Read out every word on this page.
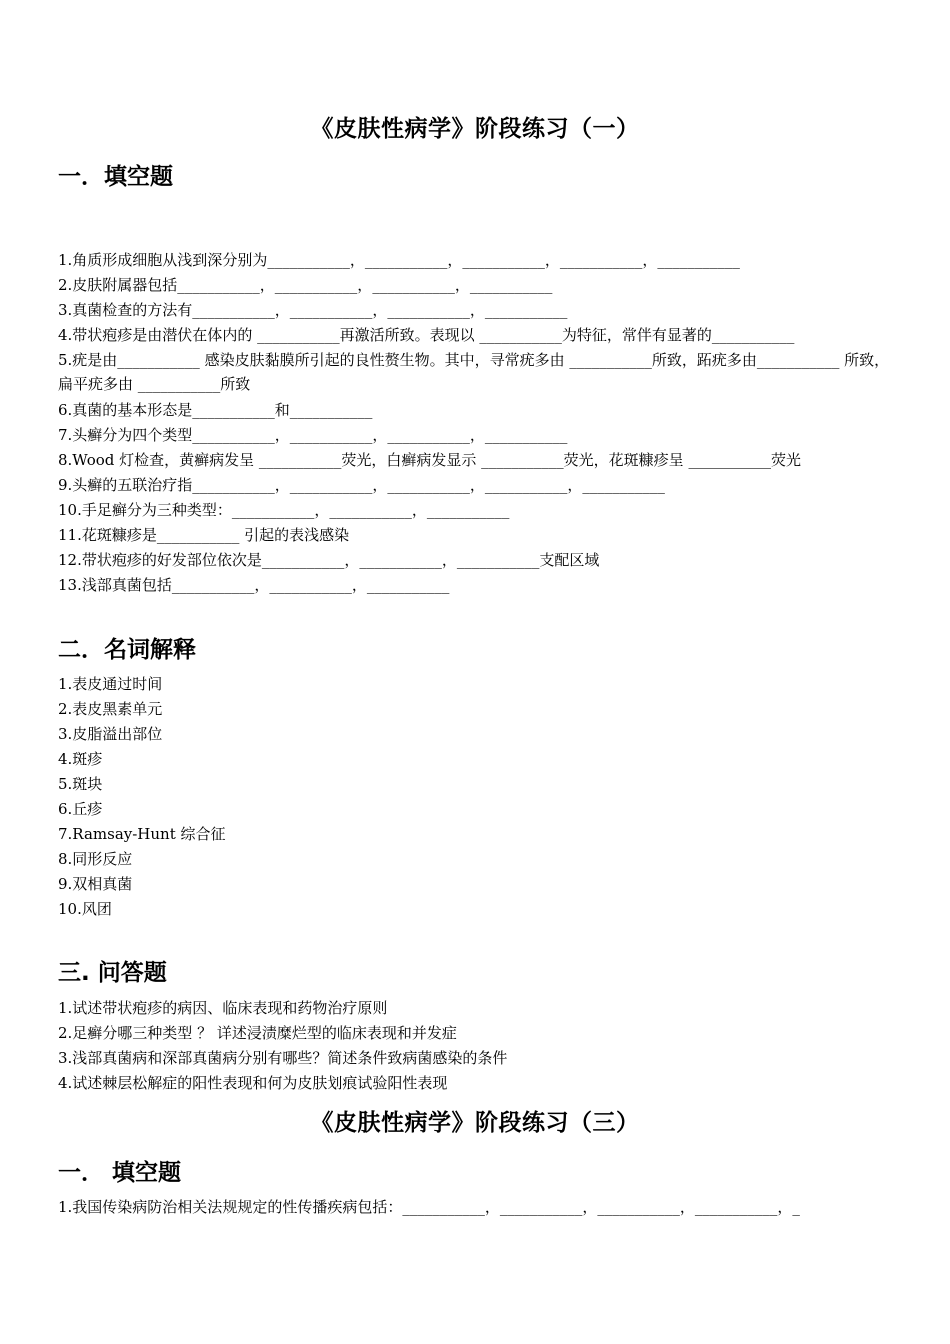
《皮肤性病学》阶段练习（一）
一．填空题
1.角质形成细胞从浅到深分别为___________，___________，___________，___________，___________
2.皮肤附属器包括___________，___________，___________，___________
3.真菌检查的方法有___________，___________，___________，___________
4.带状疱疹是由潜伏在体内的 ___________再激活所致。表现以 ___________为特征，常伴有显著的___________
5.疣是由___________ 感染皮肤黏膜所引起的良性赘生物。其中，寻常疣多由 ___________所致，跖疣多由___________ 所致，扁平疣多由 ___________所致
6.真菌的基本形态是___________和___________
7.头癣分为四个类型___________，___________，___________，___________
8.Wood 灯检查，黄癣病发呈 ___________荧光，白癣病发显示 ___________荧光，花斑糠疹呈 ___________荧光
9.头癣的五联治疗指___________，___________，___________，___________，___________
10.手足癣分为三种类型：___________，___________，___________
11.花斑糠疹是___________ 引起的表浅感染
12.带状疱疹的好发部位依次是___________，___________，___________支配区域
13.浅部真菌包括___________，___________，___________
二．名词解释
1.表皮通过时间
2.表皮黑素单元
3.皮脂溢出部位
4.斑疹
5.斑块
6.丘疹
7.Ramsay-Hunt 综合征
8.同形反应
9.双相真菌
10.风团
三. 问答题
1.试述带状疱疹的病因、临床表现和药物治疗原则
2.足癣分哪三种类型 ？ 详述浸渍糜烂型的临床表现和并发症
3.浅部真菌病和深部真菌病分别有哪些？简述条件致病菌感染的条件
4.试述棘层松解症的阳性表现和何为皮肤划痕试验阳性表现
《皮肤性病学》阶段练习（三）
一． 填空题
1.我国传染病防治相关法规规定的性传播疾病包括：___________，___________，___________，___________，_
